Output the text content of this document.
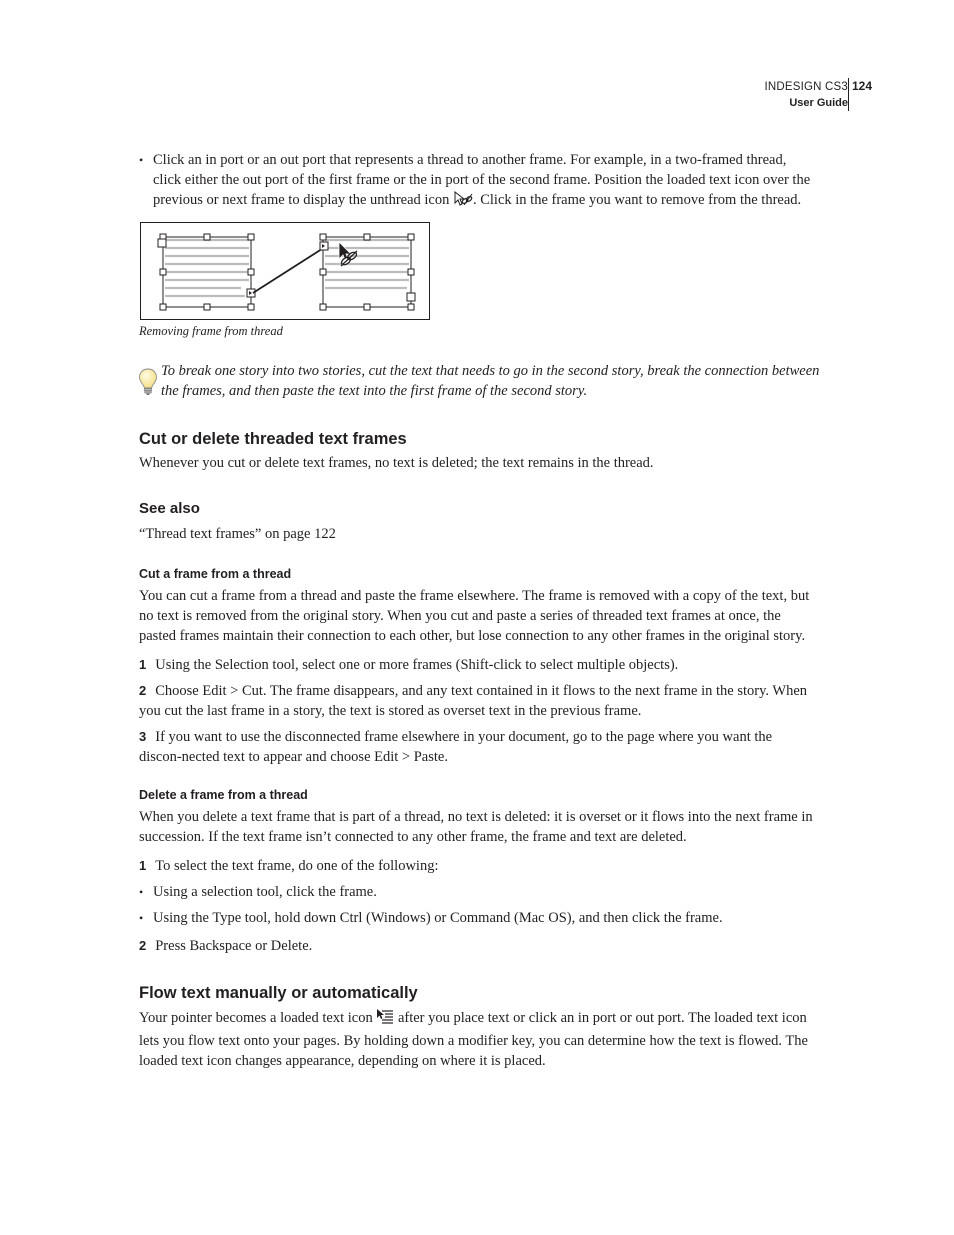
INDESIGN CS3
User Guide
124
• Click an in port or an out port that represents a thread to another frame. For example, in a two-framed thread, click either the out port of the first frame or the in port of the second frame. Position the loaded text icon over the previous or next frame to display the unthread icon . Click in the frame you want to remove from the thread.
Removing frame from thread
To break one story into two stories, cut the text that needs to go in the second story, break the connection between the frames, and then paste the text into the first frame of the second story.
Cut or delete threaded text frames
Whenever you cut or delete text frames, no text is deleted; the text remains in the thread.
See also
“Thread text frames” on page 122
Cut a frame from a thread
You can cut a frame from a thread and paste the frame elsewhere. The frame is removed with a copy of the text, but no text is removed from the original story. When you cut and paste a series of threaded text frames at once, the pasted frames maintain their connection to each other, but lose connection to any other frames in the original story.
1 Using the Selection tool, select one or more frames (Shift-click to select multiple objects).
2 Choose Edit > Cut. The frame disappears, and any text contained in it flows to the next frame in the story. When you cut the last frame in a story, the text is stored as overset text in the previous frame.
3 If you want to use the disconnected frame elsewhere in your document, go to the page where you want the discon-nected text to appear and choose Edit > Paste.
Delete a frame from a thread
When you delete a text frame that is part of a thread, no text is deleted: it is overset or it flows into the next frame in succession. If the text frame isn’t connected to any other frame, the frame and text are deleted.
1 To select the text frame, do one of the following:
• Using a selection tool, click the frame.
• Using the Type tool, hold down Ctrl (Windows) or Command (Mac OS), and then click the frame.
2 Press Backspace or Delete.
Flow text manually or automatically
Your pointer becomes a loaded text icon  after you place text or click an in port or out port. The loaded text icon lets you flow text onto your pages. By holding down a modifier key, you can determine how the text is flowed. The loaded text icon changes appearance, depending on where it is placed.
